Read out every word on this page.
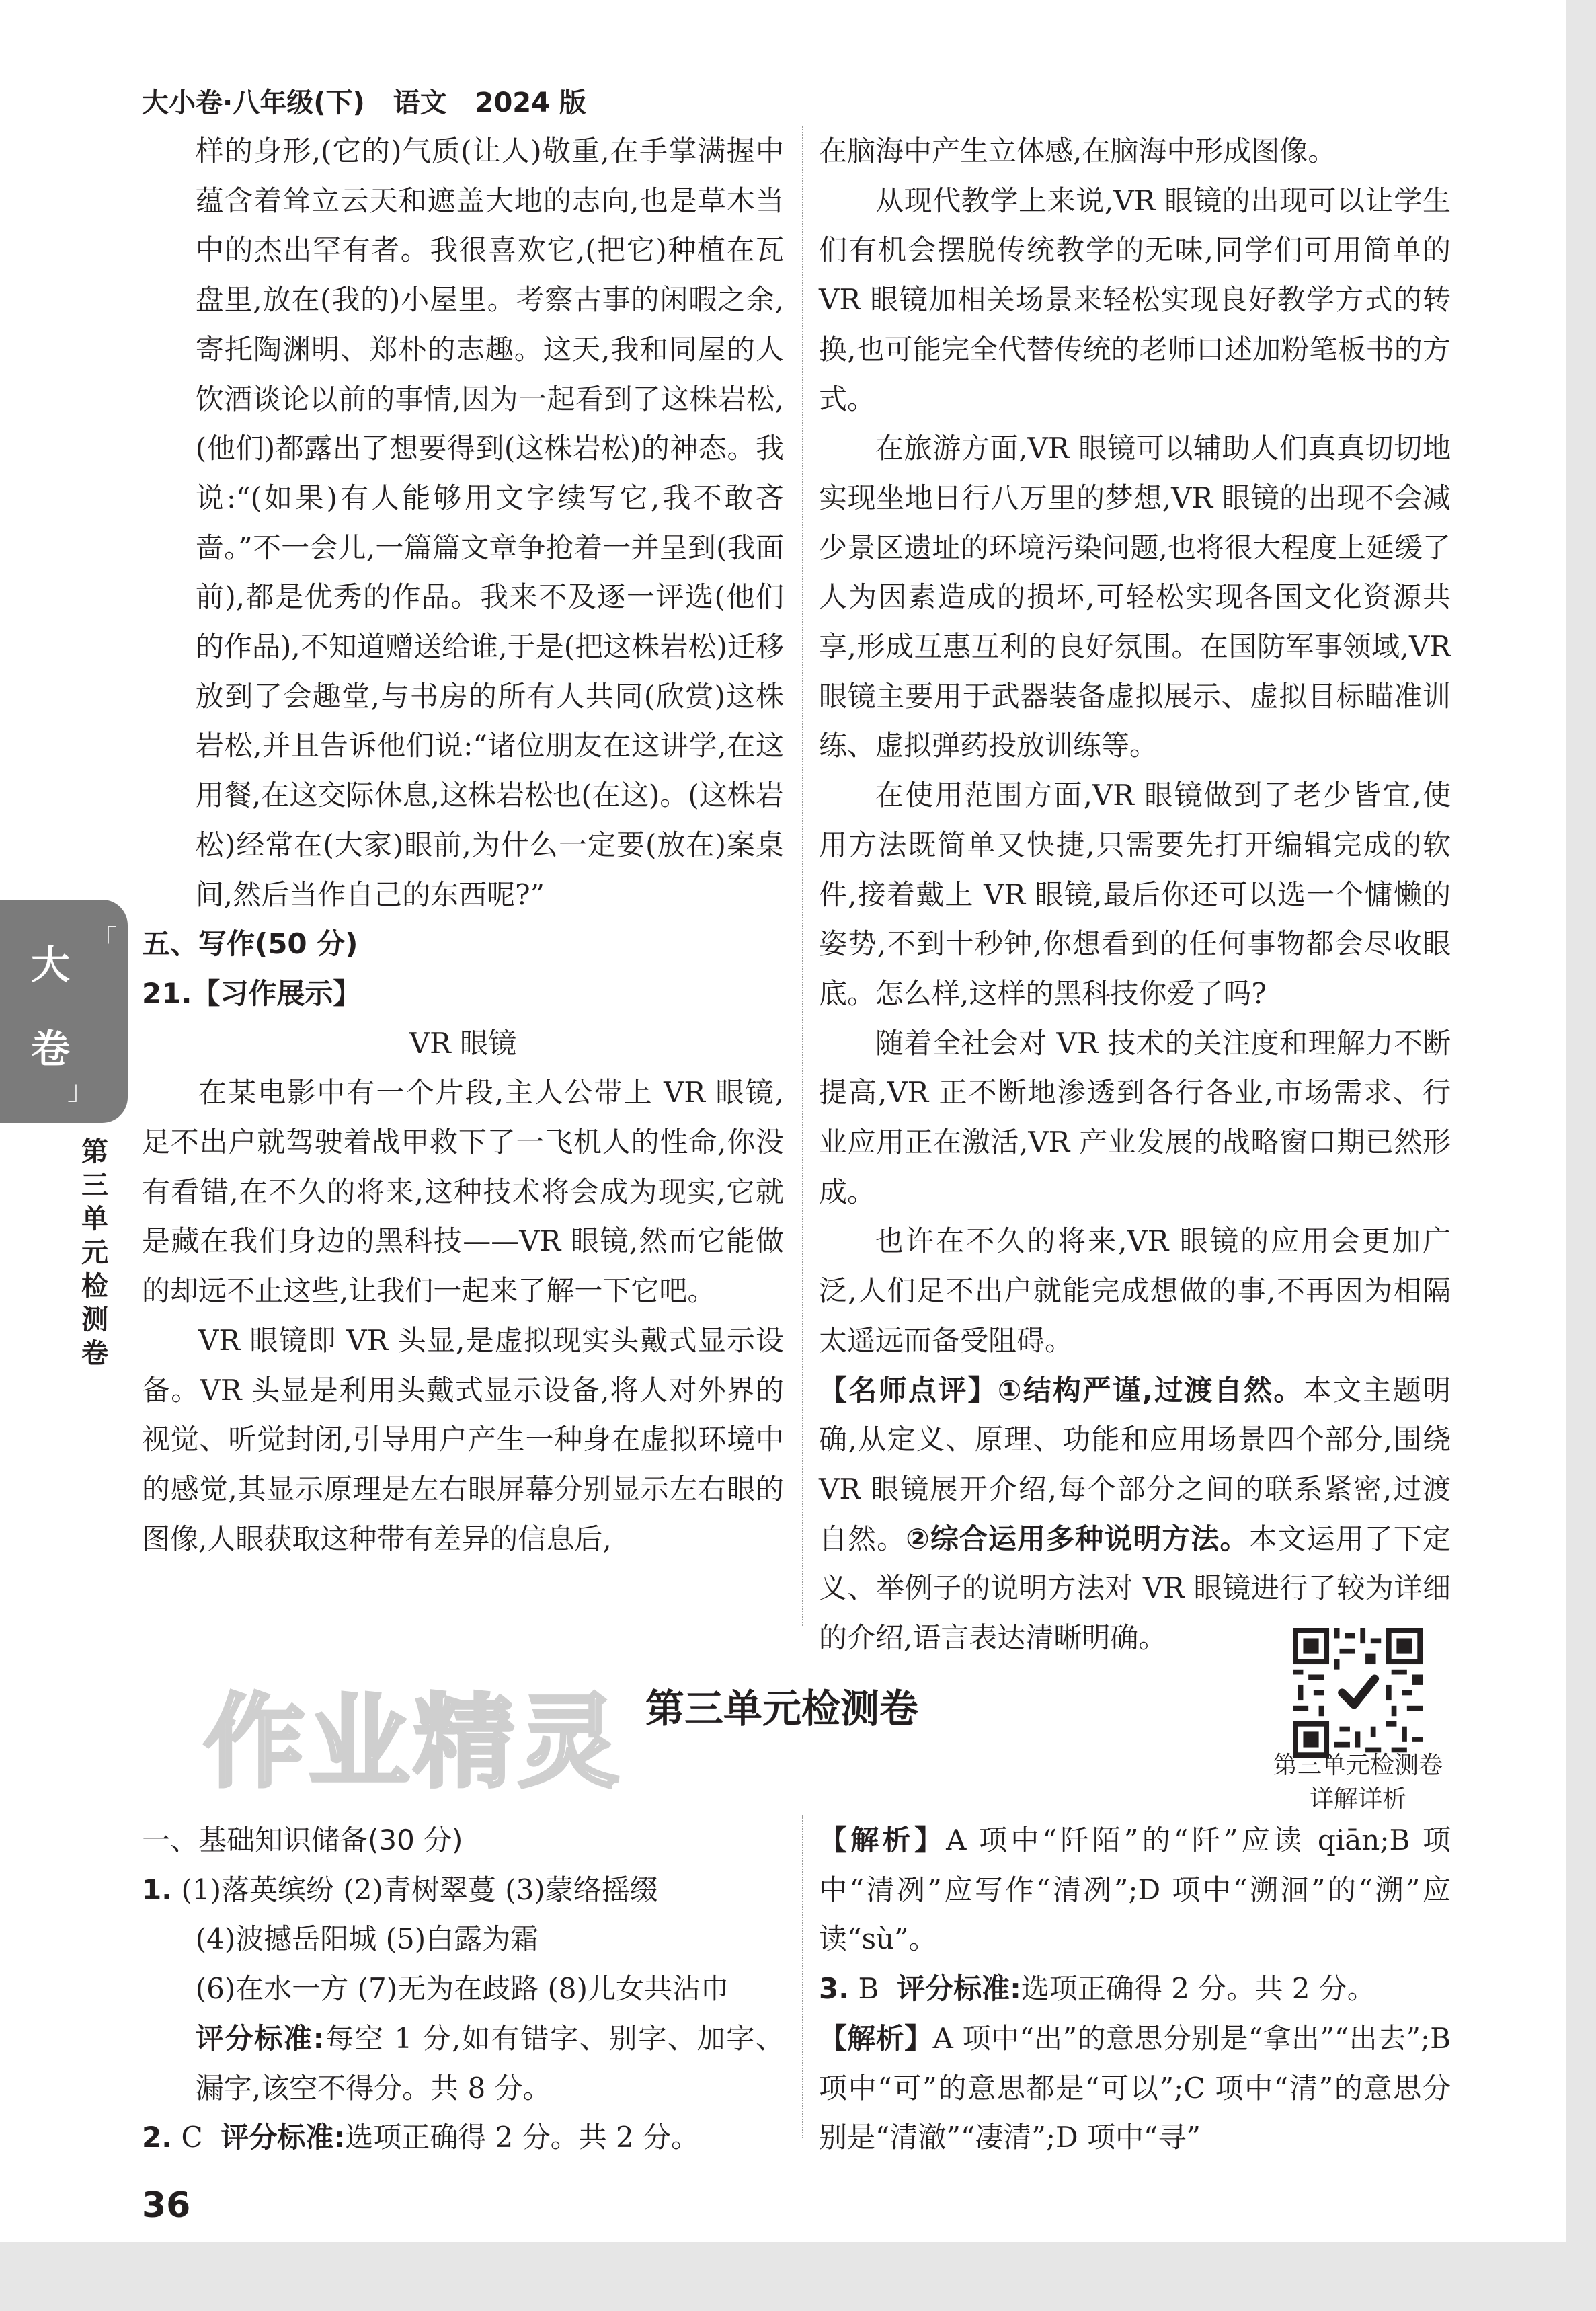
大小卷·八年级(下) 语文 2024 版

样的身形,(它的)气质(让人)敬重,在手掌满握中蕴含着耸立云天和遮盖大地的志向,也是草木当中的杰出罕有者。我很喜欢它,(把它)种植在瓦盘里,放在(我的)小屋里。考察古事的闲暇之余,寄托陶渊明、郑朴的志趣。这天,我和同屋的人饮酒谈论以前的事情,因为一起看到了这株岩松,(他们)都露出了想要得到(这株岩松)的神态。我说:“(如果)有人能够用文字续写它,我不敢吝啬。”不一会儿,一篇篇文章争抢着一并呈到(我面前),都是优秀的作品。我来不及逐一评选(他们的作品),不知道赠送给谁,于是(把这株岩松)迁移放到了会趣堂,与书房的所有人共同(欣赏)这株岩松,并且告诉他们说:“诸位朋友在这讲学,在这用餐,在这交际休息,这株岩松也(在这)。(这株岩松)经常在(大家)眼前,为什么一定要(放在)案桌间,然后当作自己的东西呢?”

五、写作(50 分)

21.【习作展示】

VR 眼镜

在某电影中有一个片段,主人公带上 VR 眼镜,足不出户就驾驶着战甲救下了一飞机人的性命,你没有看错,在不久的将来,这种技术将会成为现实,它就是藏在我们身边的黑科技——VR 眼镜,然而它能做的却远不止这些,让我们一起来了解一下它吧。

VR 眼镜即 VR 头显,是虚拟现实头戴式显示设备。VR 头显是利用头戴式显示设备,将人对外界的视觉、听觉封闭,引导用户产生一种身在虚拟环境中的感觉,其显示原理是左右眼屏幕分别显示左右眼的图像,人眼获取这种带有差异的信息后,

在脑海中产生立体感,在脑海中形成图像。

从现代教学上来说,VR 眼镜的出现可以让学生们有机会摆脱传统教学的无味,同学们可用简单的 VR 眼镜加相关场景来轻松实现良好教学方式的转换,也可能完全代替传统的老师口述加粉笔板书的方式。

在旅游方面,VR 眼镜可以辅助人们真真切切地实现坐地日行八万里的梦想,VR 眼镜的出现不会减少景区遗址的环境污染问题,也将很大程度上延缓了人为因素造成的损坏,可轻松实现各国文化资源共享,形成互惠互利的良好氛围。在国防军事领域,VR 眼镜主要用于武器装备虚拟展示、虚拟目标瞄准训练、虚拟弹药投放训练等。

在使用范围方面,VR 眼镜做到了老少皆宜,使用方法既简单又快捷,只需要先打开编辑完成的软件,接着戴上 VR 眼镜,最后你还可以选一个慵懒的姿势,不到十秒钟,你想看到的任何事物都会尽收眼底。怎么样,这样的黑科技你爱了吗?

随着全社会对 VR 技术的关注度和理解力不断提高,VR 正不断地渗透到各行各业,市场需求、行业应用正在激活,VR 产业发展的战略窗口期已然形成。

也许在不久的将来,VR 眼镜的应用会更加广泛,人们足不出户就能完成想做的事,不再因为相隔太遥远而备受阻碍。

【名师点评】①结构严谨,过渡自然。本文主题明确,从定义、原理、功能和应用场景四个部分,围绕 VR 眼镜展开介绍,每个部分之间的联系紧密,过渡自然。②综合运用多种说明方法。本文运用了下定义、举例子的说明方法对 VR 眼镜进行了较为详细的介绍,语言表达清晰明确。

「
大
卷
」
第三单元检测卷
作业精灵 第三单元检测卷
第三单元检测卷
详解详析

一、基础知识储备(30 分)

1. (1)落英缤纷 (2)青树翠蔓 (3)蒙络摇缀

(4)波撼岳阳城 (5)白露为霜

(6)在水一方 (7)无为在歧路 (8)儿女共沾巾

评分标准:每空 1 分,如有错字、别字、加字、漏字,该空不得分。共 8 分。

2. C 评分标准:选项正确得 2 分。共 2 分。

【解析】A 项中“阡陌”的“阡”应读 qiān;B 项中“清冽”应写作“清冽”;D 项中“溯洄”的“溯”应读“sù”。

3. B 评分标准:选项正确得 2 分。共 2 分。

【解析】A 项中“出”的意思分别是“拿出”“出去”;B 项中“可”的意思都是“可以”;C 项中“清”的意思分别是“清澈”“凄清”;D 项中“寻”

36
